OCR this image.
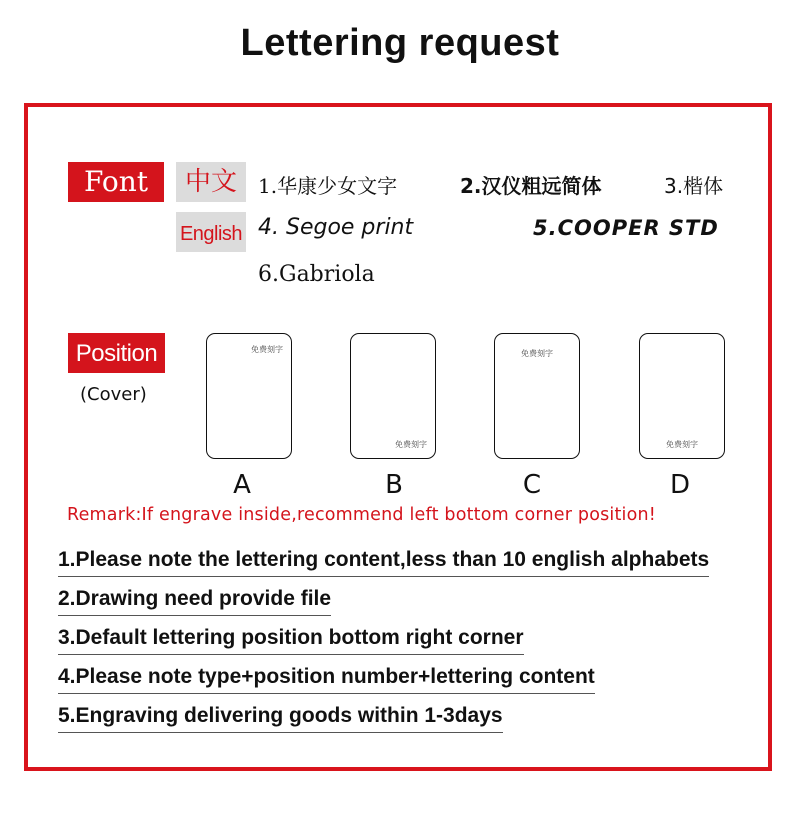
Lettering request
Font	中文
English
1.华康少女文字	2.汉仪粗远简体	3.楷体
4. Segoe print	5.COOPER STD
6.Gabriola
Position
(Cover)
免费刻字
免费刻字
免费刻字
免费刻字
A	B	C	D
Remark:If engrave inside,recommend left bottom corner position!
1.Please note the lettering content,less than 10 english alphabets
2.Drawing need provide file
3.Default lettering position bottom right corner
4.Please note type+position number+lettering content
5.Engraving delivering goods within 1-3days
